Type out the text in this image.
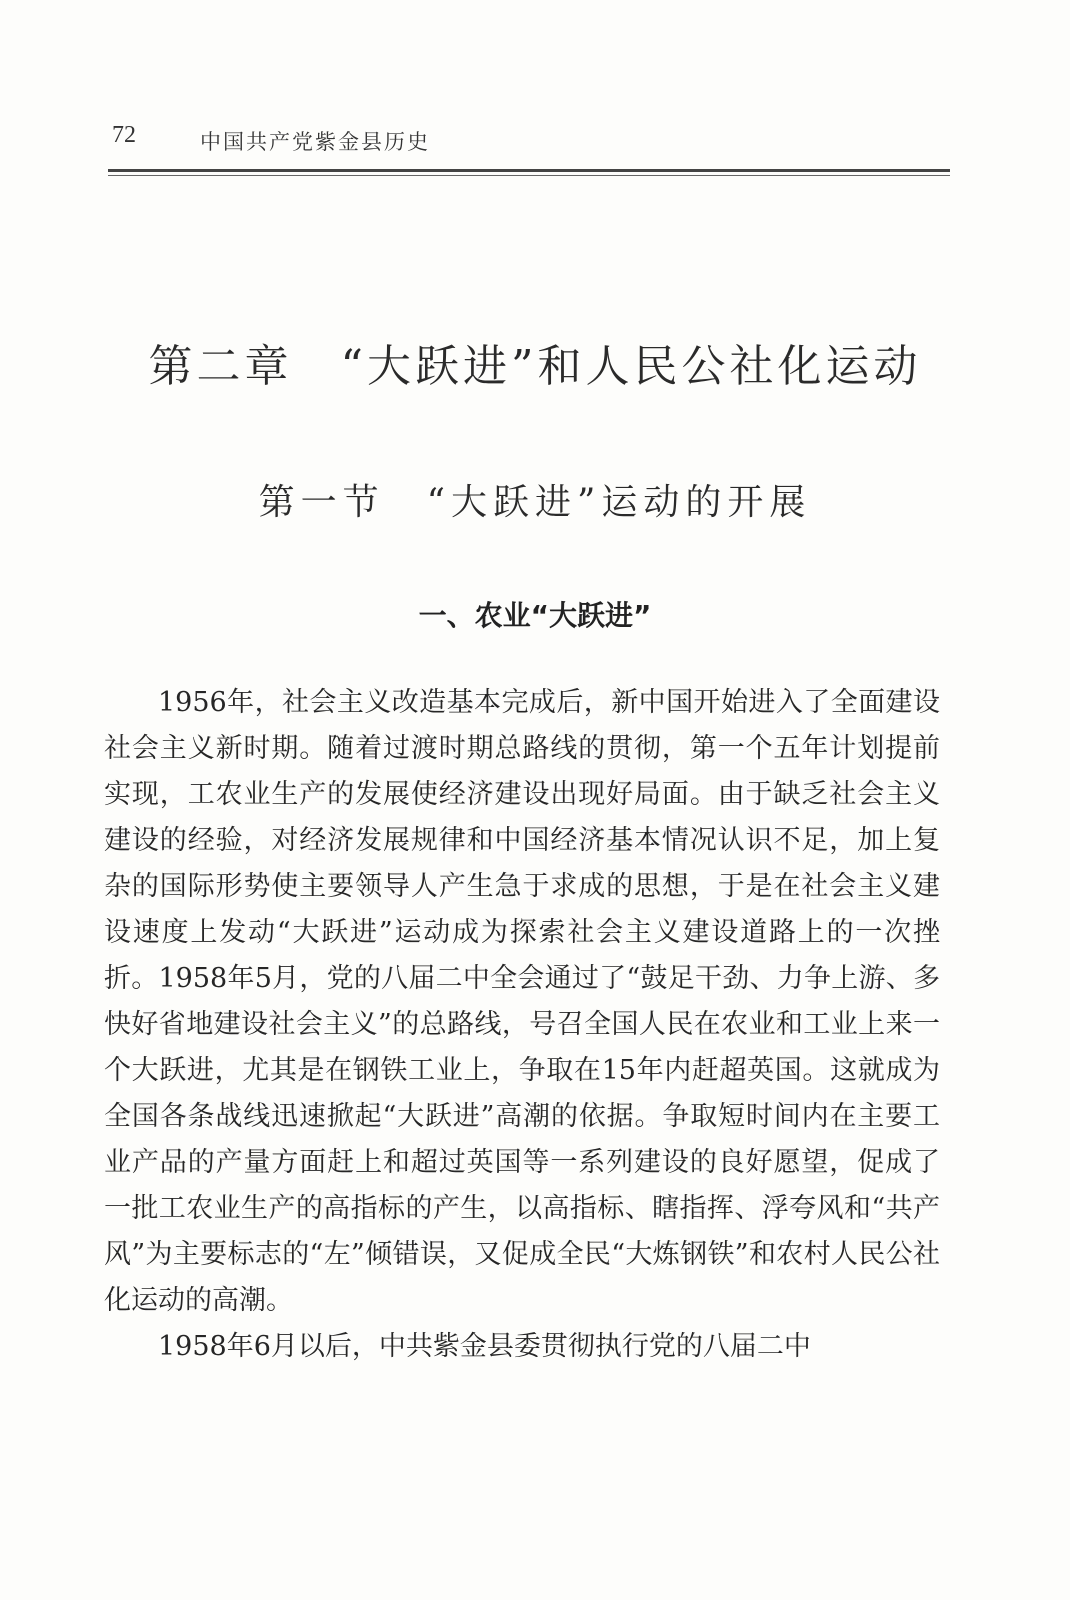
72	中国共产党紫金县历史
第二章　“大跃进”和人民公社化运动
第一节　“大跃进”运动的开展
一、农业“大跃进”

1956年，社会主义改造基本完成后，新中国开始进入了全面建设社会主义新时期。随着过渡时期总路线的贯彻，第一个五年计划提前实现，工农业生产的发展使经济建设出现好局面。由于缺乏社会主义建设的经验，对经济发展规律和中国经济基本情况认识不足，加上复杂的国际形势使主要领导人产生急于求成的思想，于是在社会主义建设速度上发动“大跃进”运动成为探索社会主义建设道路上的一次挫折。1958年5月，党的八届二中全会通过了“鼓足干劲、力争上游、多快好省地建设社会主义”的总路线，号召全国人民在农业和工业上来一个大跃进，尤其是在钢铁工业上，争取在15年内赶超英国。这就成为全国各条战线迅速掀起“大跃进”高潮的依据。争取短时间内在主要工业产品的产量方面赶上和超过英国等一系列建设的良好愿望，促成了一批工农业生产的高指标的产生，以高指标、瞎指挥、浮夸风和“共产风”为主要标志的“左”倾错误，又促成全民“大炼钢铁”和农村人民公社化运动的高潮。

1958年6月以后，中共紫金县委贯彻执行党的八届二中
